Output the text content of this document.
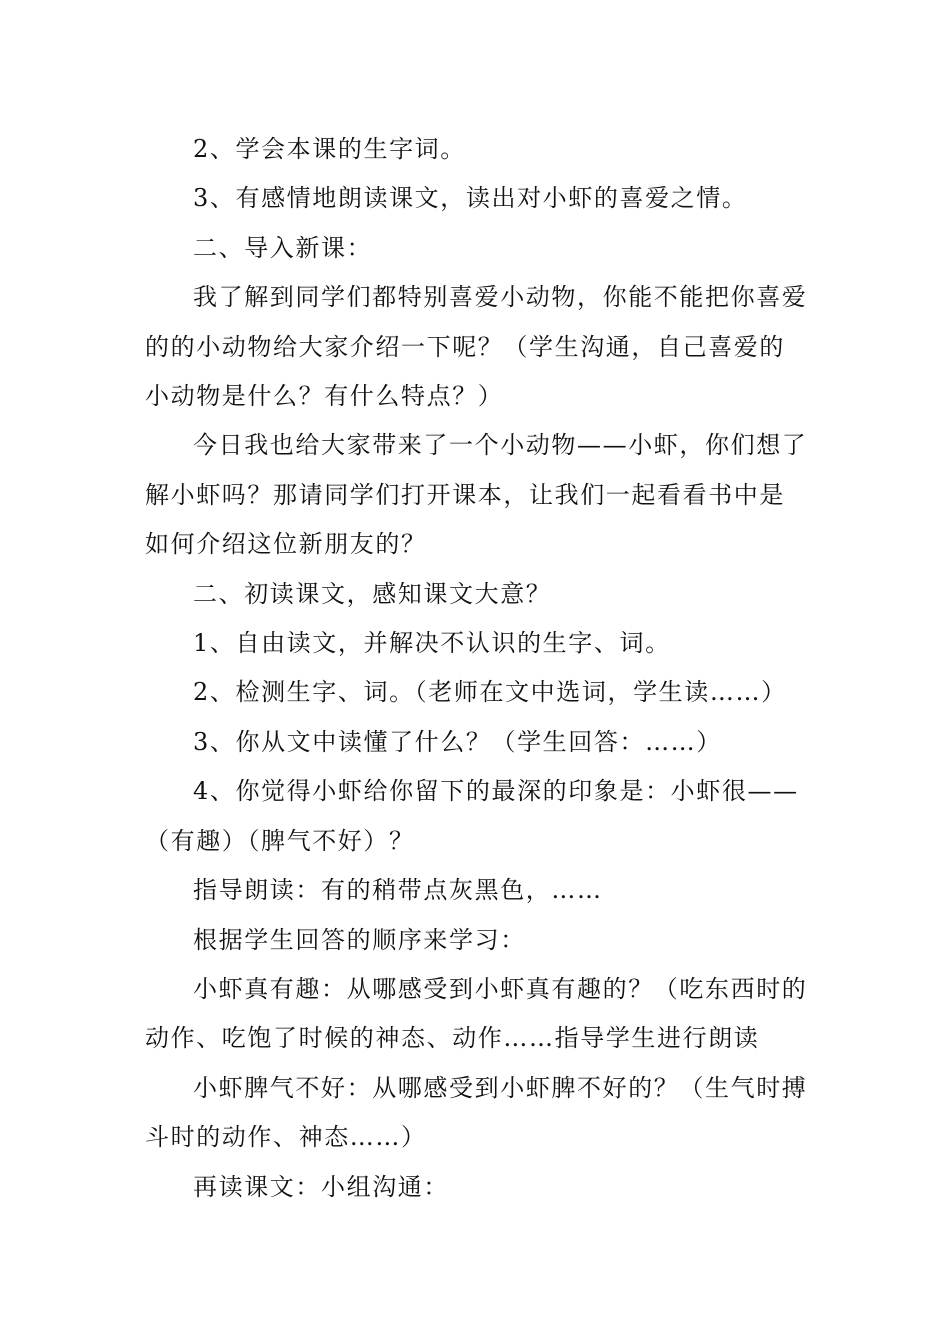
2、学会本课的生字词。

3、有感情地朗读课文，读出对小虾的喜爱之情。

二、导入新课：

我了解到同学们都特别喜爱小动物，你能不能把你喜爱的的小动物给大家介绍一下呢？（学生沟通，自己喜爱的小动物是什么？有什么特点？）

今日我也给大家带来了一个小动物——小虾，你们想了解小虾吗？那请同学们打开课本，让我们一起看看书中是如何介绍这位新朋友的？

二、初读课文，感知课文大意？

1、自由读文，并解决不认识的生字、词。

2、检测生字、词。（老师在文中选词，学生读……）

3、你从文中读懂了什么？（学生回答：……）

4、你觉得小虾给你留下的最深的印象是：小虾很——（有趣）（脾气不好）？

指导朗读：有的稍带点灰黑色，……

根据学生回答的顺序来学习：

小虾真有趣：从哪感受到小虾真有趣的？（吃东西时的动作、吃饱了时候的神态、动作……指导学生进行朗读

小虾脾气不好：从哪感受到小虾脾不好的？（生气时搏斗时的动作、神态……）

再读课文：小组沟通：
